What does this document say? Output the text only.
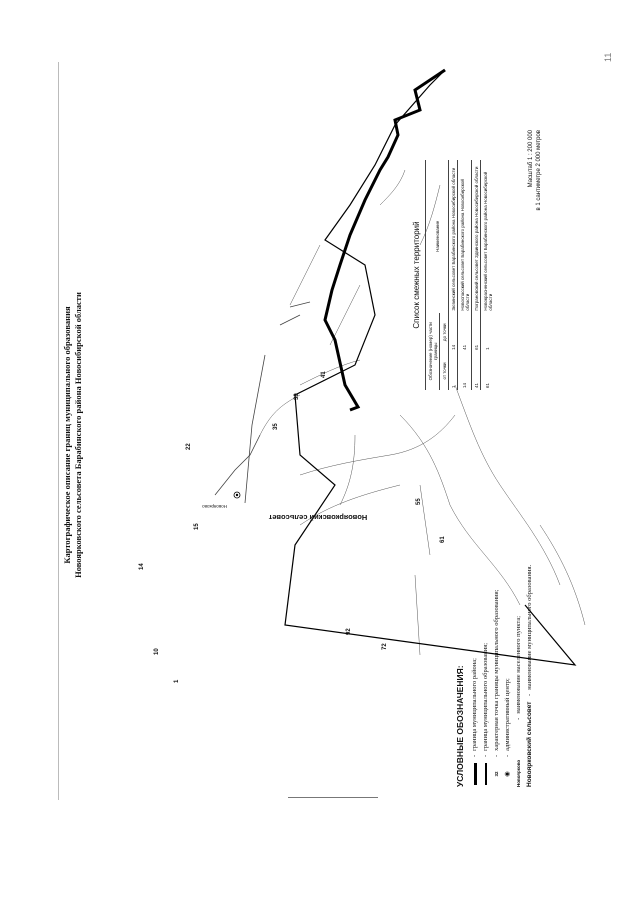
11
Картографическое описание границ муниципального образования Новоярковского сельсовета Барабинского района Новосибирской области	Новоярково
Новоярковский сельсовет
1
10
14
15
22
35
39
41
55
61
72
92
УСЛОВНЫЕ ОБОЗНАЧЕНИЯ: -
граница муниципального района;
-
граница муниципального образования;
32
-
характерная точка границы муниципального образования;
◉
-
административный центр;
Новоярково
-
наименование населенного пункта;
Новоярковский сельсовет
-
наименование муниципального образования.
Список смежных территорий
Обозначение (номер) части границы		Наименование
от точки	до точки	
1	14	Зюзинский сельсовет Барабинского района Новосибирской области
14	41	Новоспасский сельсовет Барабинского района Новосибирской области
41	61	Пограновский сельсовет Здвинского района Новосибирской области
61	1	Новокрасненский сельсовет Барабинского района Новосибирской области
Масштаб 1 : 200 000 в 1 сантиметре 2 000 метров
